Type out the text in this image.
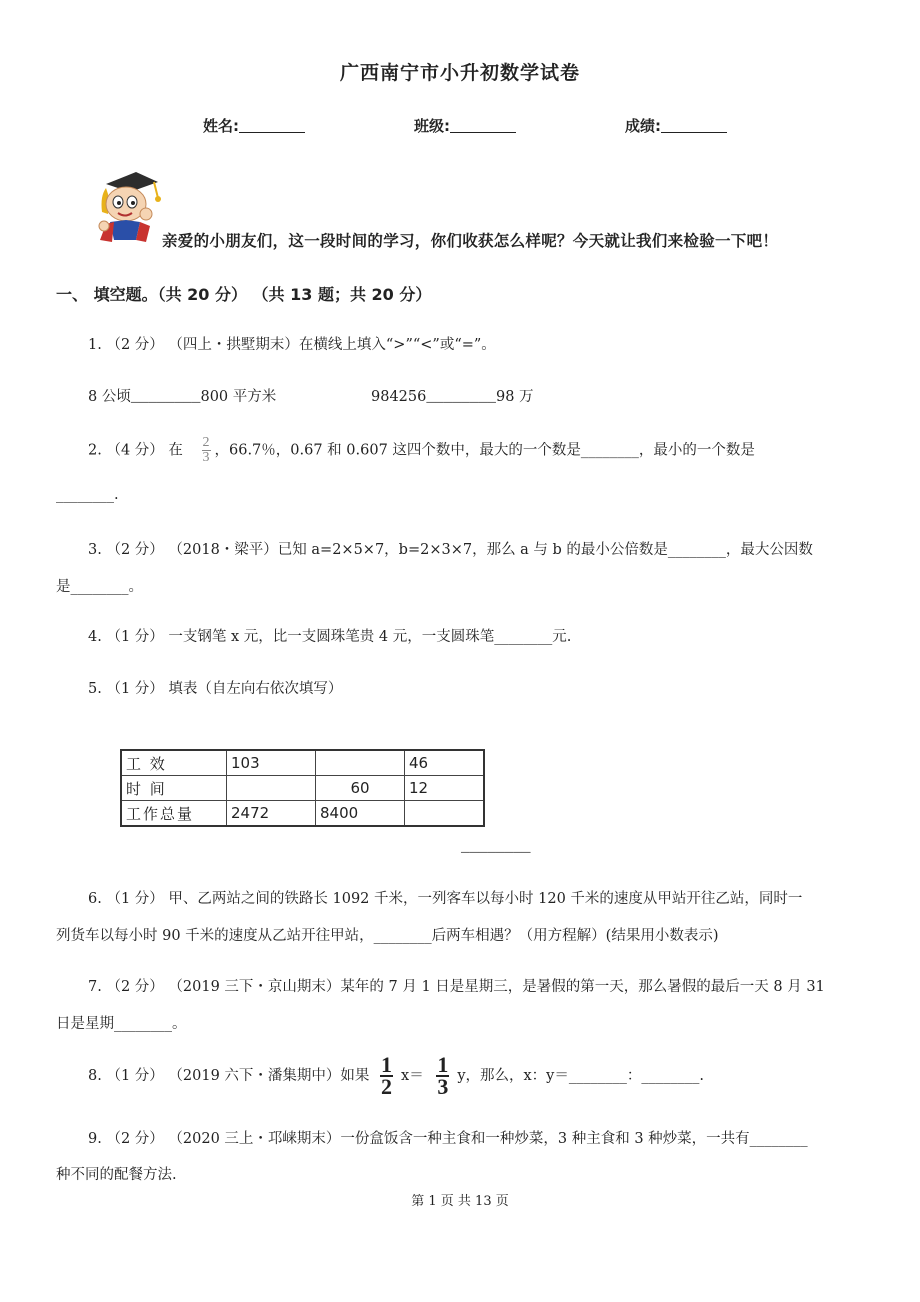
广西南宁市小升初数学试卷
姓名:	班级:	成绩:
亲爱的小朋友们，这一段时间的学习，你们收获怎么样呢？今天就让我们来检验一下吧！
一、 填空题。（共 20 分） （共 13 题；共 20 分）
1. （2 分） （四上・拱墅期末）在横线上填入“>”“<”或“=”。
8 公顷________800 平方米	984256________98 万
2. （4 分） 在 $\frac{2}{3}$ ，66.7％，0.67 和 0.607 这四个数中，最大的一个数是________，最小的一个数是
________.
3. （2 分） （2018・梁平）已知 a=2×5×7，b=2×3×7，那么 a 与 b 的最小公倍数是________，最大公因数
是________。
4. （1 分） 一支钢笔 x 元，比一支圆珠笔贵 4 元，一支圆珠笔________元.
5. （1 分） 填表（自左向右依次填写）
工 效	103		46
时 间		60	12
工作总量	2472	8400	
________
6. （1 分） 甲、乙两站之间的铁路长 1092 千米，一列客车以每小时 120 千米的速度从甲站开往乙站，同时一
列货车以每小时 90 千米的速度从乙站开往甲站，________后两车相遇？（用方程解）(结果用小数表示)
7. （2 分） （2019 三下・京山期末）某年的 7 月 1 日是星期三，是暑假的第一天，那么暑假的最后一天 8 月 31
日是星期________。
8. （1 分） （2019 六下・潘集期中）如果 $\frac{1}{2} x= \frac{1}{3}$ y，那么，x：y＝________：________.
9. （2 分） （2020 三上・邛崃期末）一份盒饭含一种主食和一种炒菜，3 种主食和 3 种炒菜，一共有________
种不同的配餐方法.
第 1 页 共 13 页
